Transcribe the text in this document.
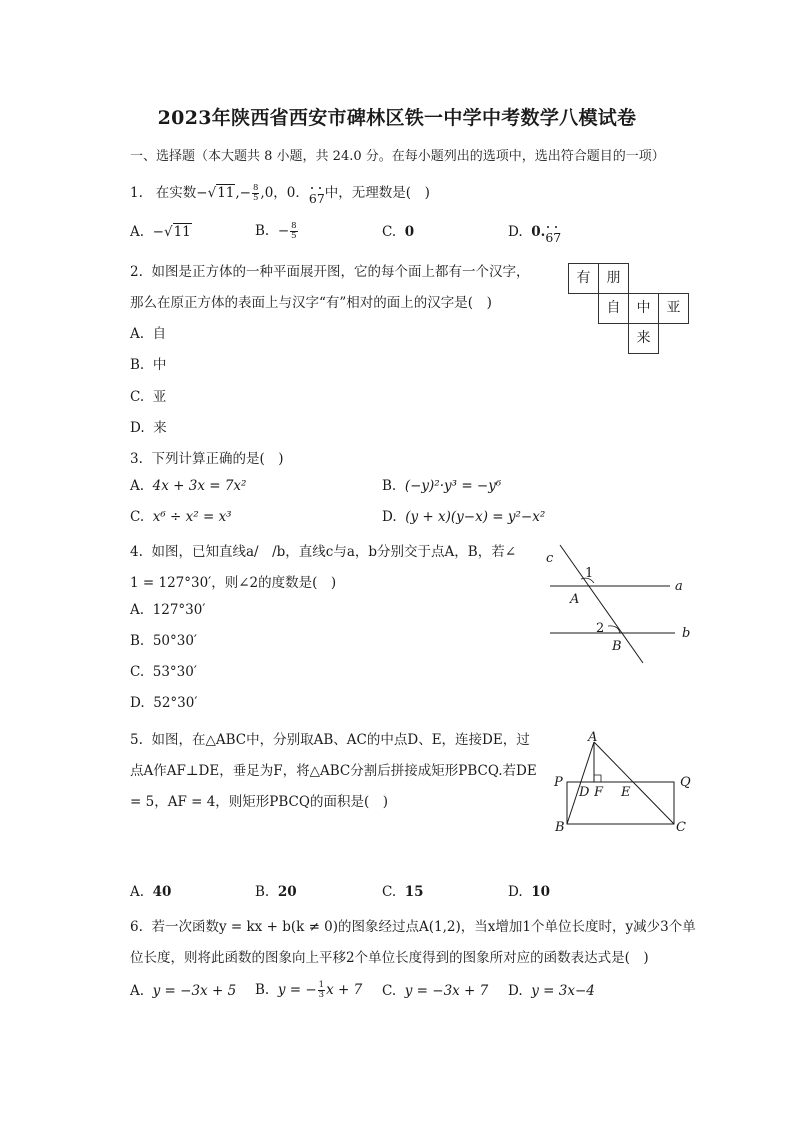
2023年陕西省西安市碑林区铁一中学中考数学八模试卷
一、选择题（本大题共 8 小题，共 24.0 分。在每小题列出的选项中，选出符合题目的一项）
1. 在实数$-√11,- \frac{8}{5} ,0$，0．
67中，无理数是(　)
A. −√11	B. − $\frac{8}{5}$	C. 0	D. 0.
67
2. 如图是正方体的一种平面展开图，它的每个面上都有一个汉字，
那么在原正方体的表面上与汉字“有”相对的面上的汉字是(　)
A. 自
B. 中
C. 亚
D. 来
有	朋
自	中	亚
来
3. 下列计算正确的是(　)
A. 4x + 3x = 7x²	B. (−y)²·y³ = −y⁶
C. x⁶ ÷ x² = x³	D. (y + x)(y−x) = y²−x²
4. 如图，已知直线a/　/b，直线c与a，b分别交于点A，B，若∠
1 = 127°30′，则∠2的度数是(　)
A. 127°30′
B. 50°30′
C. 53°30′
D. 52°30′
c
a
b
A
B
1
2
5. 如图，在△ABC中，分别取AB、AC的中点D、E，连接DE，过
点A作AF⊥DE，垂足为F，将△ABC分割后拼接成矩形PBCQ.若DE
= 5，AF = 4，则矩形PBCQ的面积是(　)
A. 40	B. 20	C. 15	D. 10
A
P	Q
D F E
B	C
6. 若一次函数y = kx + b(k ≠ 0)的图象经过点A(1,2)，当x增加1个单位长度时，y减少3个单
位长度，则将此函数的图象向上平移2个单位长度得到的图象所对应的函数表达式是(　)
A. y = −3x + 5 B. y = − $\frac{1}{3}$ x + 7 C. y = −3x + 7 D. y = 3x−4
